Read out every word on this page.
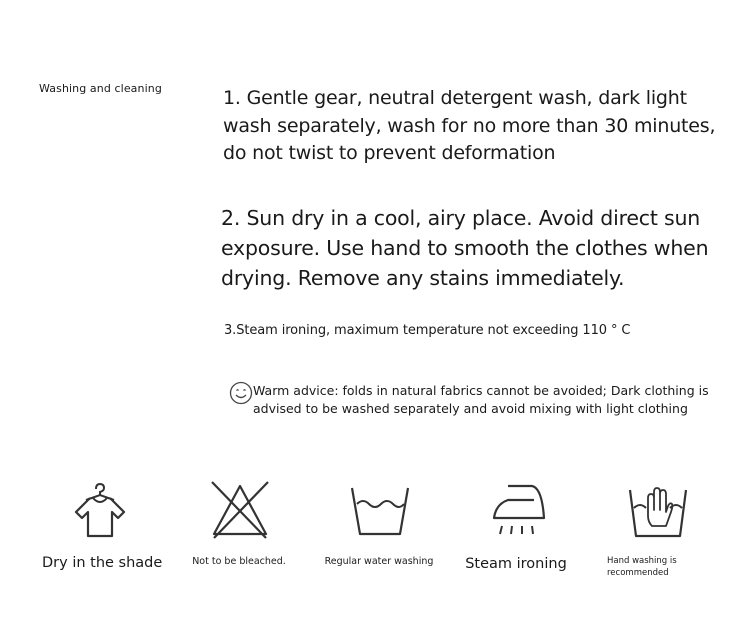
Washing and cleaning	1. Gentle gear, neutral detergent wash, dark light wash separately, wash for no more than 30 minutes, do not twist to prevent deformation
2. Sun dry in a cool, airy place. Avoid direct sun exposure. Use hand to smooth the clothes when drying. Remove any stains immediately.
3.Steam ironing, maximum temperature not exceeding 110 ° C
Warm advice: folds in natural fabrics cannot be avoided; Dark clothing is advised to be washed separately and avoid mixing with light clothing
Dry in the shade	Not to be bleached.	Regular water washing Steam ironing	Hand washing is recommended
